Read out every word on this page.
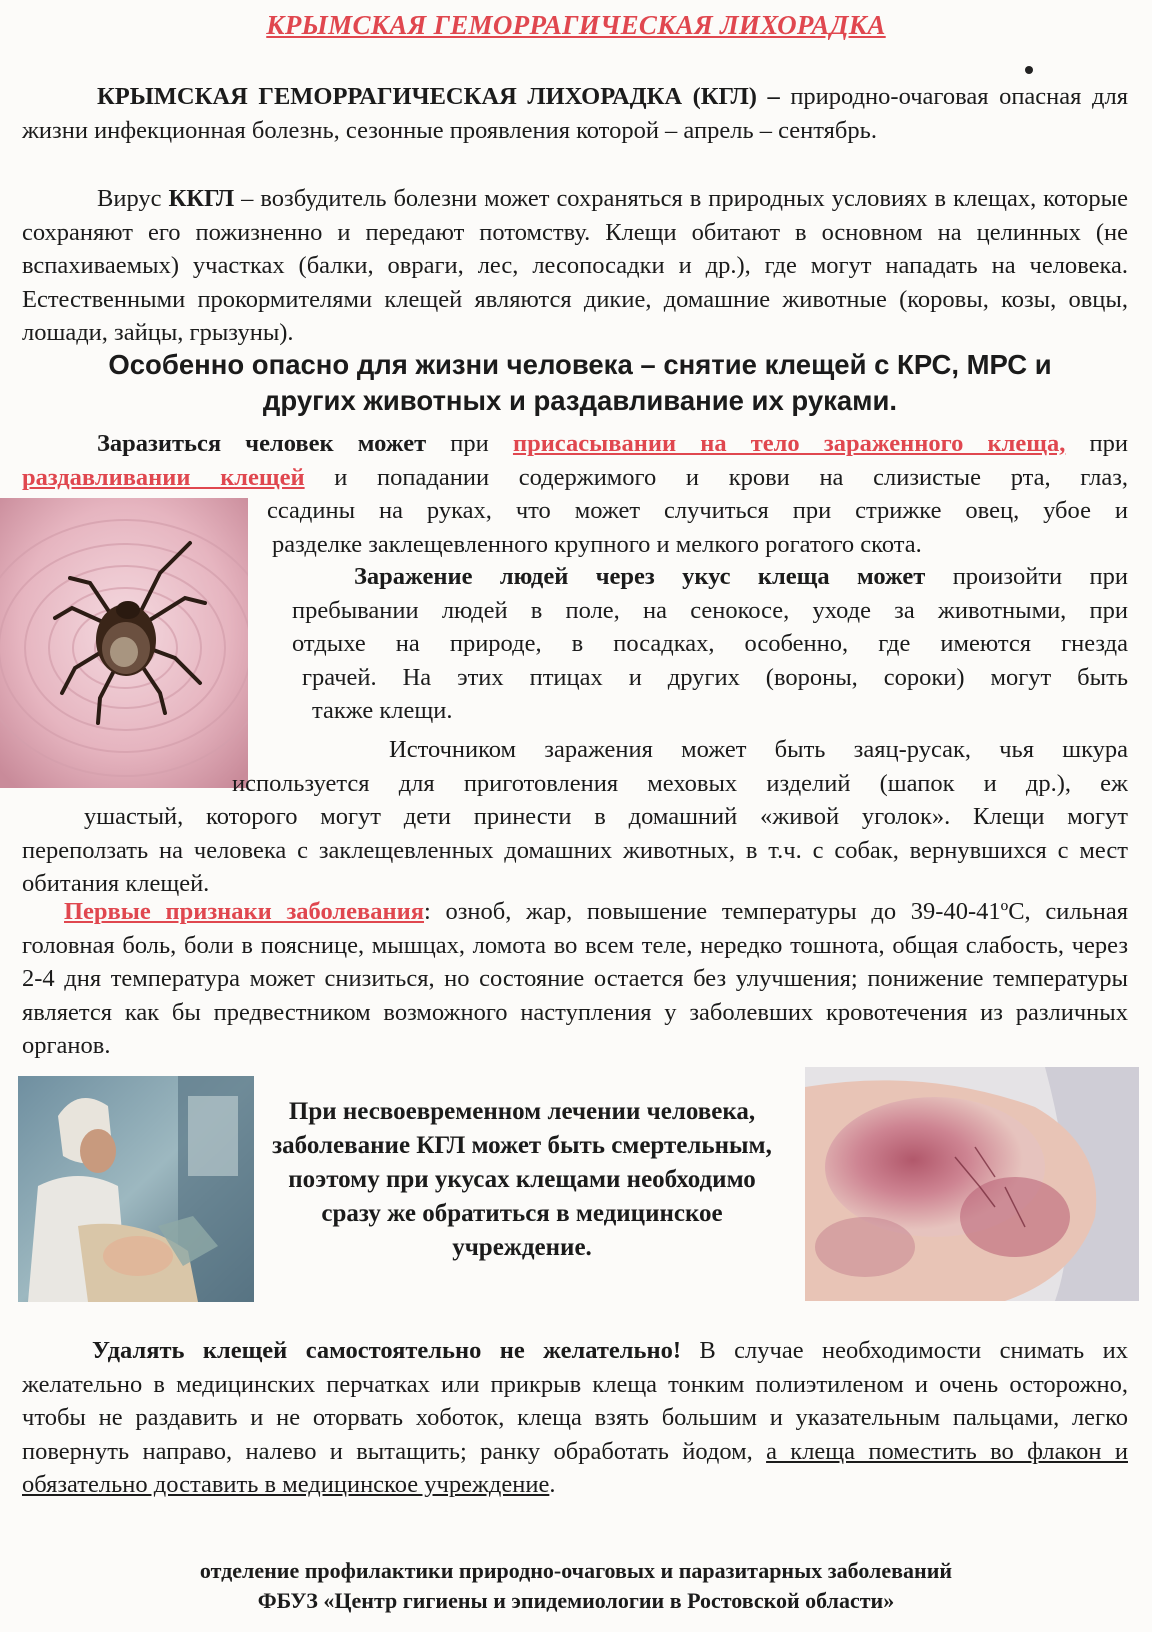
КРЫМСКАЯ ГЕМОРРАГИЧЕСКАЯ ЛИХОРАДКА
КРЫМСКАЯ ГЕМОРРАГИЧЕСКАЯ ЛИХОРАДКА (КГЛ) – природно-очаговая опасная для жизни инфекционная болезнь, сезонные проявления которой – апрель – сентябрь.
Вирус ККГЛ – возбудитель болезни может сохраняться в природных условиях в клещах, которые сохраняют его пожизненно и передают потомству. Клещи обитают в основном на целинных (не вспахиваемых) участках (балки, овраги, лес, лесопосадки и др.), где могут нападать на человека. Естественными прокормителями клещей являются дикие, домашние животные (коровы, козы, овцы, лошади, зайцы, грызуны).
Особенно опасно для жизни человека – снятие клещей с КРС, МРС и других животных и раздавливание их руками.
Заразиться человек может при присасывании на тело зараженного клеща, при
раздавливании клещей и попадании содержимого и крови на слизистые рта, глаз,
ссадины на руках, что может случиться при стрижке овец, убое и
разделке заклещевленного крупного и мелкого рогатого скота.
Заражение людей через укус клеща может произойти при
пребывании людей в поле, на сенокосе, уходе за животными, при
отдыхе на природе, в посадках, особенно, где имеются гнезда
грачей. На этих птицах и других (вороны, сороки) могут быть
также клещи.
Источником заражения может быть заяц-русак, чья шкура
используется для приготовления меховых изделий (шапок и др.), еж
ушастый, которого могут дети принести в домашний «живой уголок». Клещи могут
переползать на человека с заклещевленных домашних животных, в т.ч. с собак, вернувшихся с мест обитания клещей.
Первые признаки заболевания: озноб, жар, повышение температуры до 39-40-41ºС, сильная головная боль, боли в пояснице, мышцах, ломота во всем теле, нередко тошнота, общая слабость, через 2-4 дня температура может снизиться, но состояние остается без улучшения; понижение температуры является как бы предвестником возможного наступления у заболевших кровотечения из различных органов.
При несвоевременном лечении человека, заболевание КГЛ может быть смертельным, поэтому при укусах клещами необходимо сразу же обратиться в медицинское учреждение.
Удалять клещей самостоятельно не желательно! В случае необходимости снимать их желательно в медицинских перчатках или прикрыв клеща тонким полиэтиленом и очень осторожно, чтобы не раздавить и не оторвать хоботок, клеща взять большим и указательным пальцами, легко повернуть направо, налево и вытащить; ранку обработать йодом, а клеща поместить во флакон и обязательно доставить в медицинское учреждение.
отделение профилактики природно-очаговых и паразитарных заболеваний
ФБУЗ «Центр гигиены и эпидемиологии в Ростовской области»
